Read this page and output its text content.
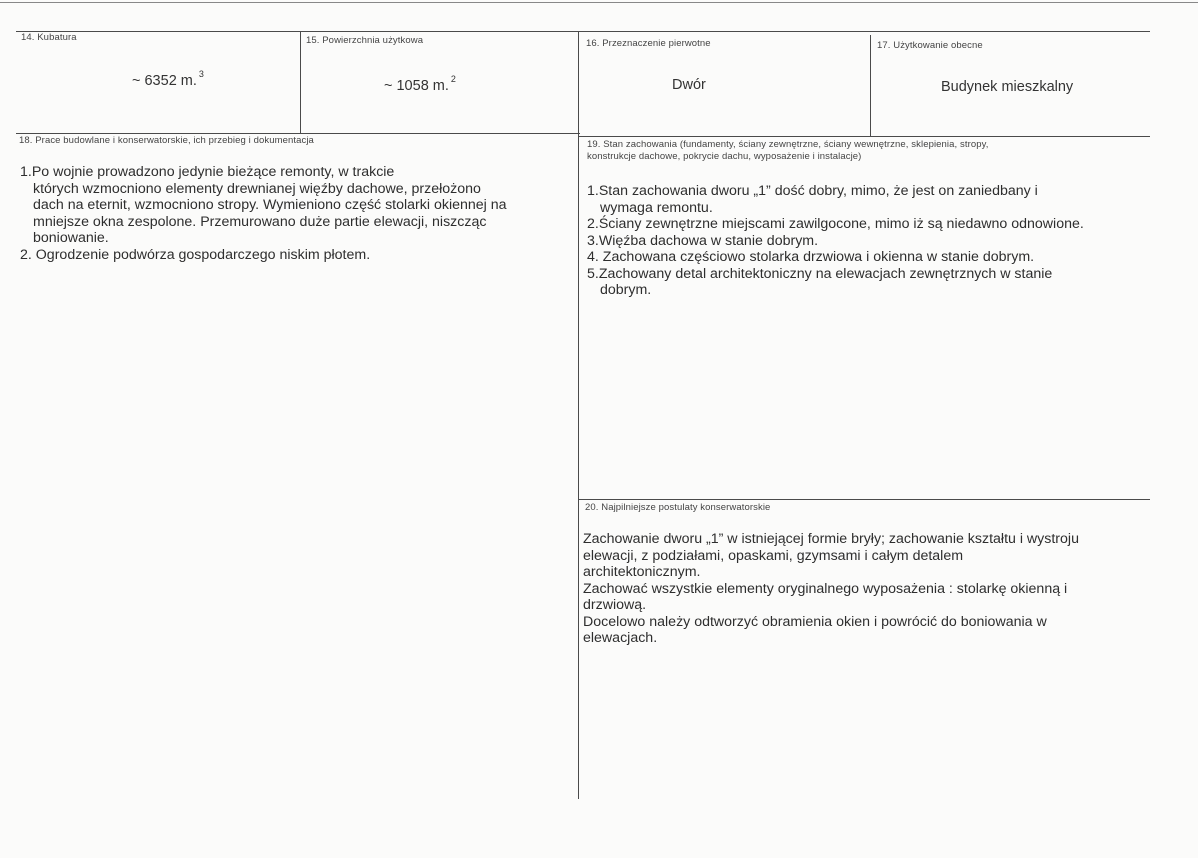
14. Kubatura
~ 6352 m. $^3$
15. Powierzchnia użytkowa
~ 1058 m. $^2$
16. Przeznaczenie pierwotne
Dwór
17. Użytkowanie obecne
Budynek mieszkalny
18. Prace budowlane i konserwatorskie, ich przebieg i dokumentacja

1.Po wojnie prowadzono jedynie bieżące remonty, w trakcie

których wzmocniono elementy drewnianej więźby dachowe, przełożono

dach na eternit, wzmocniono stropy. Wymieniono część stolarki okiennej na

mniejsze okna zespolone. Przemurowano duże partie elewacji, niszcząc

boniowanie.

2. Ogrodzenie podwórza gospodarczego niskim płotem.

19. Stan zachowania (fundamenty, ściany zewnętrzne, ściany wewnętrzne, sklepienia, stropy,
konstrukcje dachowe, pokrycie dachu, wyposażenie i instalacje)

1.Stan zachowania dworu „1” dość dobry, mimo, że jest on zaniedbany i

wymaga remontu.

2.Ściany zewnętrzne miejscami zawilgocone, mimo iż są niedawno odnowione.

3.Więźba dachowa w stanie dobrym.

4. Zachowana częściowo stolarka drzwiowa i okienna w stanie dobrym.

5.Zachowany detal architektoniczny na elewacjach zewnętrznych w stanie

dobrym.

20. Najpilniejsze postulaty konserwatorskie

Zachowanie dworu „1” w istniejącej formie bryły; zachowanie kształtu i wystroju

elewacji, z podziałami, opaskami, gzymsami i całym detalem

architektonicznym.

Zachować wszystkie elementy oryginalnego wyposażenia : stolarkę okienną i

drzwiową.

Docelowo należy odtworzyć obramienia okien i powrócić do boniowania w

elewacjach.
